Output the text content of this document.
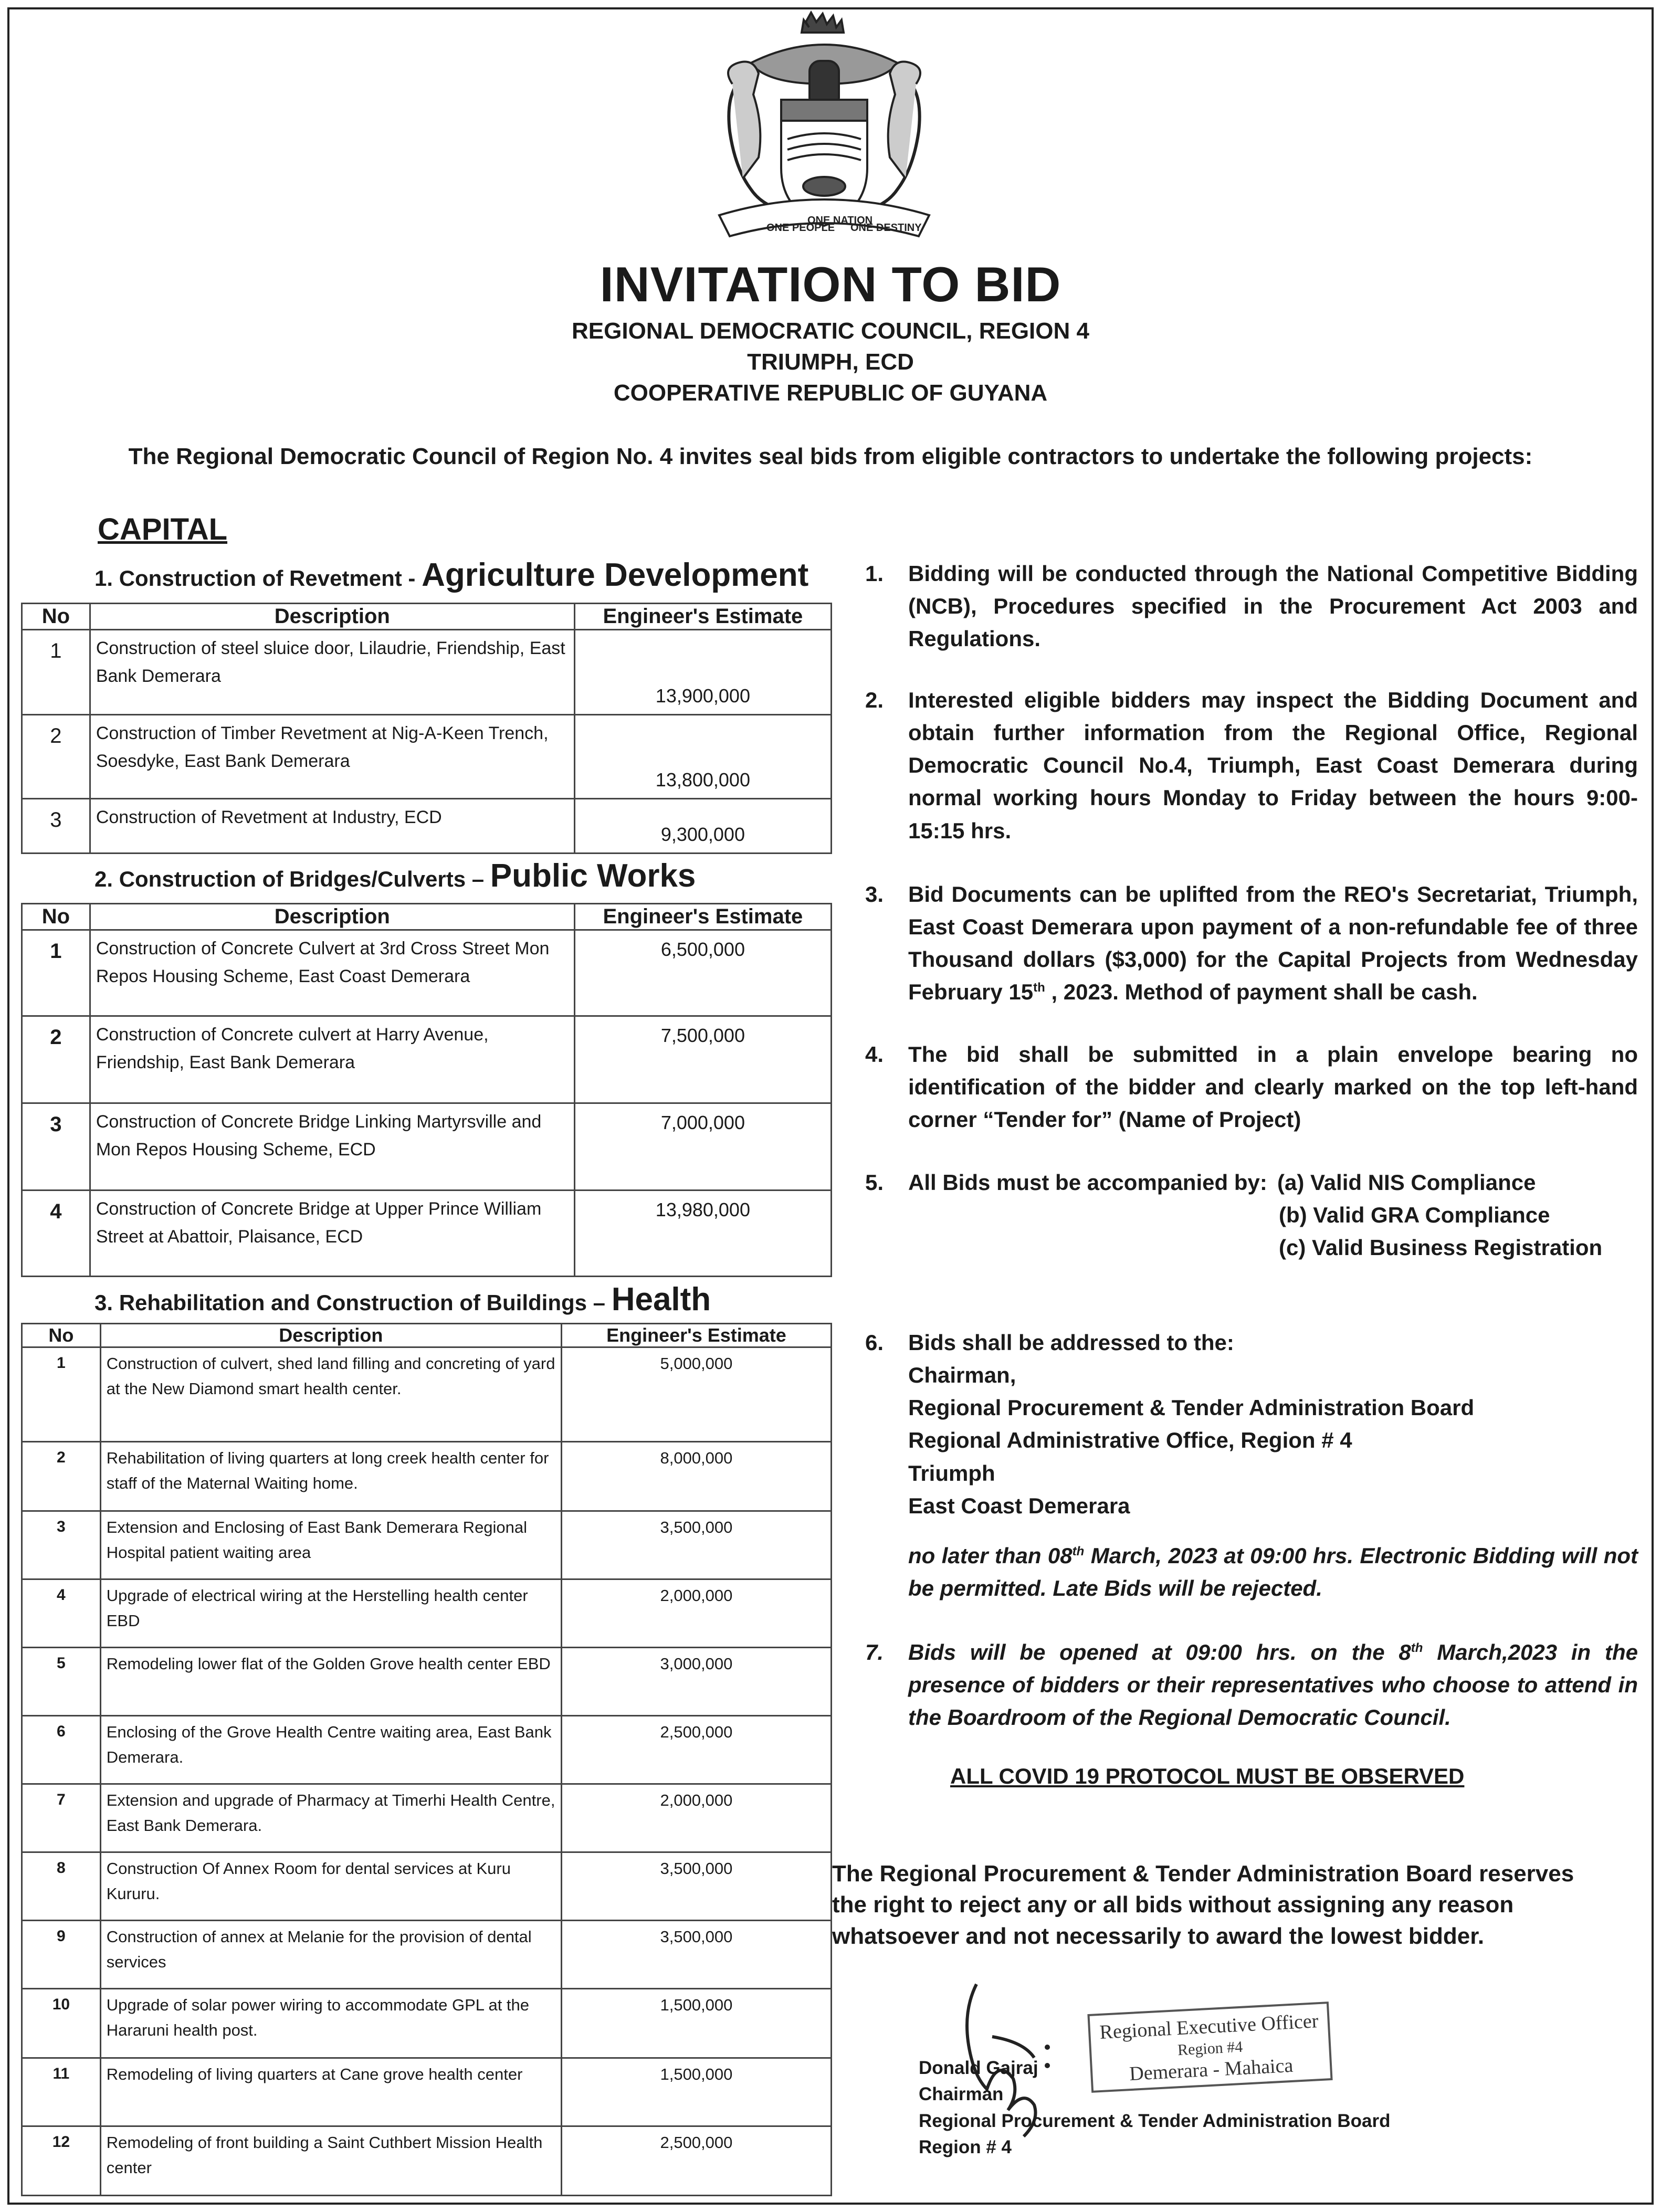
ONE PEOPLE
ONE NATION
ONE DESTINY
INVITATION TO BID
REGIONAL DEMOCRATIC COUNCIL, REGION 4
TRIUMPH, ECD
COOPERATIVE REPUBLIC OF GUYANA
The Regional Democratic Council of Region No. 4 invites seal bids from eligible contractors to undertake the following projects:
CAPITAL
1. Construction of Revetment - Agriculture Development
No	Description	Engineer's Estimate
1	Construction of steel sluice door, Lilaudrie, Friendship, East Bank Demerara	13,900,000
2	Construction of Timber Revetment at Nig-A-Keen Trench, Soesdyke, East Bank Demerara	13,800,000
3	Construction of Revetment at Industry, ECD	9,300,000
2. Construction of Bridges/Culverts – Public Works
No	Description	Engineer's Estimate
1	Construction of Concrete Culvert at 3rd Cross Street Mon Repos Housing Scheme, East Coast Demerara	6,500,000
2	Construction of Concrete culvert at Harry Avenue, Friendship, East Bank Demerara	7,500,000
3	Construction of Concrete Bridge Linking Martyrsville and Mon Repos Housing Scheme, ECD	7,000,000
4	Construction of Concrete Bridge at Upper Prince William Street at Abattoir, Plaisance, ECD	13,980,000
3. Rehabilitation and Construction of Buildings – Health
No	Description	Engineer's Estimate
1	Construction of culvert, shed land filling and concreting of yard at the New Diamond smart health center.	5,000,000
2	Rehabilitation of living quarters at long creek health center for staff of the Maternal Waiting home.	8,000,000
3	Extension and Enclosing of East Bank Demerara Regional Hospital patient waiting area	3,500,000
4	Upgrade of electrical wiring at the Herstelling health center EBD	2,000,000
5	Remodeling lower flat of the Golden Grove health center EBD	3,000,000
6	Enclosing of the Grove Health Centre waiting area, East Bank Demerara.	2,500,000
7	Extension and upgrade of Pharmacy at Timerhi Health Centre, East Bank Demerara.	2,000,000
8	Construction Of Annex Room for dental services at Kuru Kururu.	3,500,000
9	Construction of annex at Melanie for the provision of dental services	3,500,000
10	Upgrade of solar power wiring to accommodate GPL at the Hararuni health post.	1,500,000
11	Remodeling of living quarters at Cane grove health center	1,500,000
12	Remodeling of front building a Saint Cuthbert Mission Health center	2,500,000
1.	Bidding will be conducted through the National Competitive Bidding (NCB), Procedures specified in the Procurement Act 2003 and Regulations.
2.	Interested eligible bidders may inspect the Bidding Document and obtain further information from the Regional Office, Regional Democratic Council No.4, Triumph, East Coast Demerara during normal working hours Monday to Friday between the hours 9:00-15:15 hrs.
3.	Bid Documents can be uplifted from the REO's Secretariat, Triumph, East Coast Demerara upon payment of a non-refundable fee of three Thousand dollars ($3,000) for the Capital Projects from Wednesday February 15th , 2023. Method of payment shall be cash.
4.	The bid shall be submitted in a plain envelope bearing no identification of the bidder and clearly marked on the top left-hand corner “Tender for” (Name of Project)
5.	All Bids must be accompanied by: (a) Valid NIS Compliance
(b) Valid GRA Compliance
(c) Valid Business Registration
6.	Bids shall be addressed to the:
Chairman,
Regional Procurement & Tender Administration Board
Regional Administrative Office, Region # 4
Triumph
East Coast Demerara
no later than 08th March, 2023 at 09:00 hrs. Electronic Bidding will not be permitted. Late Bids will be rejected.
7.	Bids will be opened at 09:00 hrs. on the 8th March,2023 in the presence of bidders or their representatives who choose to attend in the Boardroom of the Regional Democratic Council.
ALL COVID 19 PROTOCOL MUST BE OBSERVED
The Regional Procurement & Tender Administration Board reserves the right to reject any or all bids without assigning any reason whatsoever and not necessarily to award the lowest bidder.
Regional Executive Officer
Region #4
Demerara - Mahaica
Donald Gajraj
Chairman
Regional Procurement & Tender Administration Board
Region # 4
